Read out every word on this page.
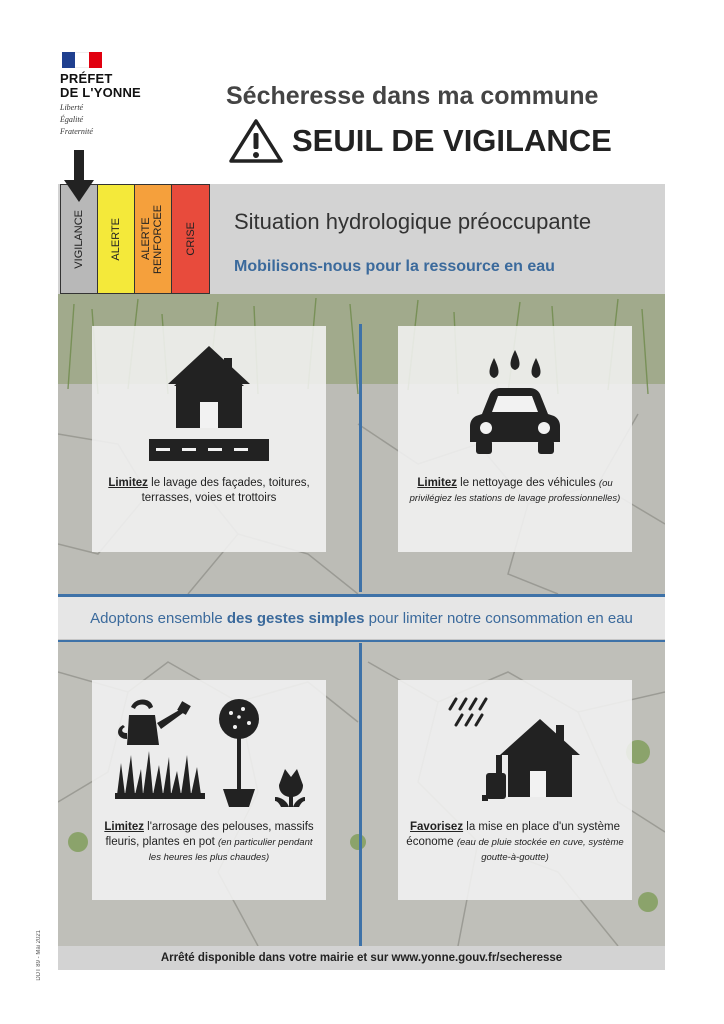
PRÉFET
DE L'YONNE
Liberté
Égalité
Fraternité
Sécheresse dans ma commune
SEUIL DE VIGILANCE
Situation hydrologique préoccupante
Mobilisons-nous pour la ressource en eau
Limitez le lavage des façades, toitures, terrasses, voies et trottoirs
Limitez le nettoyage des véhicules (ou privilégiez les stations de lavage professionnelles)
Adoptons ensemble des gestes simples pour limiter notre consommation en eau
Limitez l'arrosage des pelouses, massifs fleuris, plantes en pot (en particulier pendant les heures les plus chaudes)
Favorisez la mise en place d'un système économe (eau de pluie stockée en cuve, système goutte-à-goutte)
VIGILANCE ALERTE ALERTE RENFORCEE CRISE
Arrêté disponible dans votre mairie et sur www.yonne.gouv.fr/secheresse
DDT 89 - Mai 2021
